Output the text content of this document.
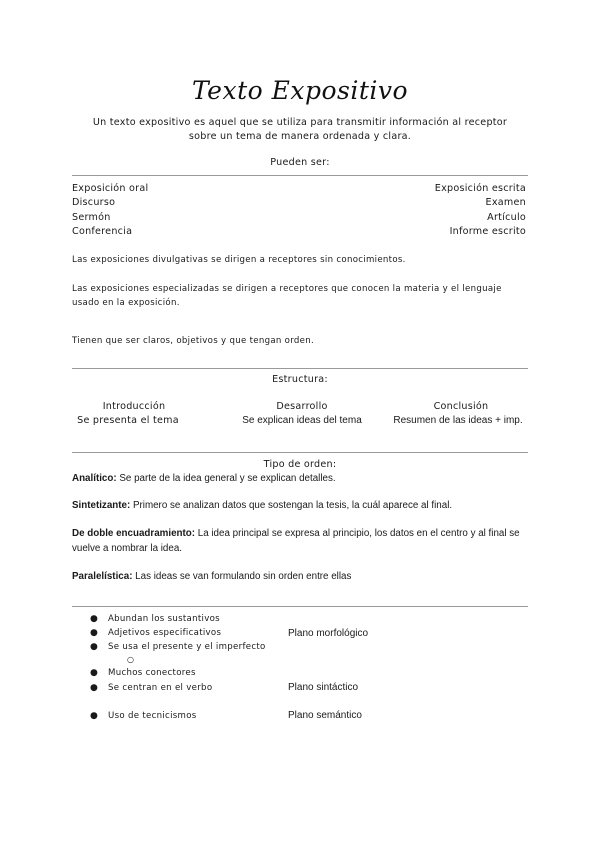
Texto Expositivo
Un texto expositivo es aquel que se utiliza para transmitir información al receptor sobre un tema de manera ordenada y clara.
Pueden ser:
Exposición oral
Discurso
Sermón
Conferencia
Exposición escrita
Examen
Artículo
Informe escrito
Las exposiciones divulgativas se dirigen a receptores sin conocimientos.
Las exposiciones especializadas se dirigen a receptores que conocen la materia y el lenguaje usado en la exposición.
Tienen que ser claros, objetivos y que tengan orden.
Estructura:
Introducción
Se presenta el tema
Desarrollo
Se explican ideas del tema
Conclusión
Resumen de las ideas + imp.
Tipo de orden:
Analítico: Se parte de la idea general y se explican detalles.
Sintetizante: Primero se analizan datos que sostengan la tesis, la cuál aparece al final.
De doble encuadramiento: La idea principal se expresa al principio, los datos en el centro y al final se vuelve a nombrar la idea.
Paralelística: Las ideas se van formulando sin orden entre ellas
● Abundan los sustantivos
● Adjetivos especificativos
● Se usa el presente y el imperfecto
○
● Muchos conectores
● Se centran en el verbo
● Uso de tecnicismos
Plano morfológico
Plano sintáctico
Plano semántico
